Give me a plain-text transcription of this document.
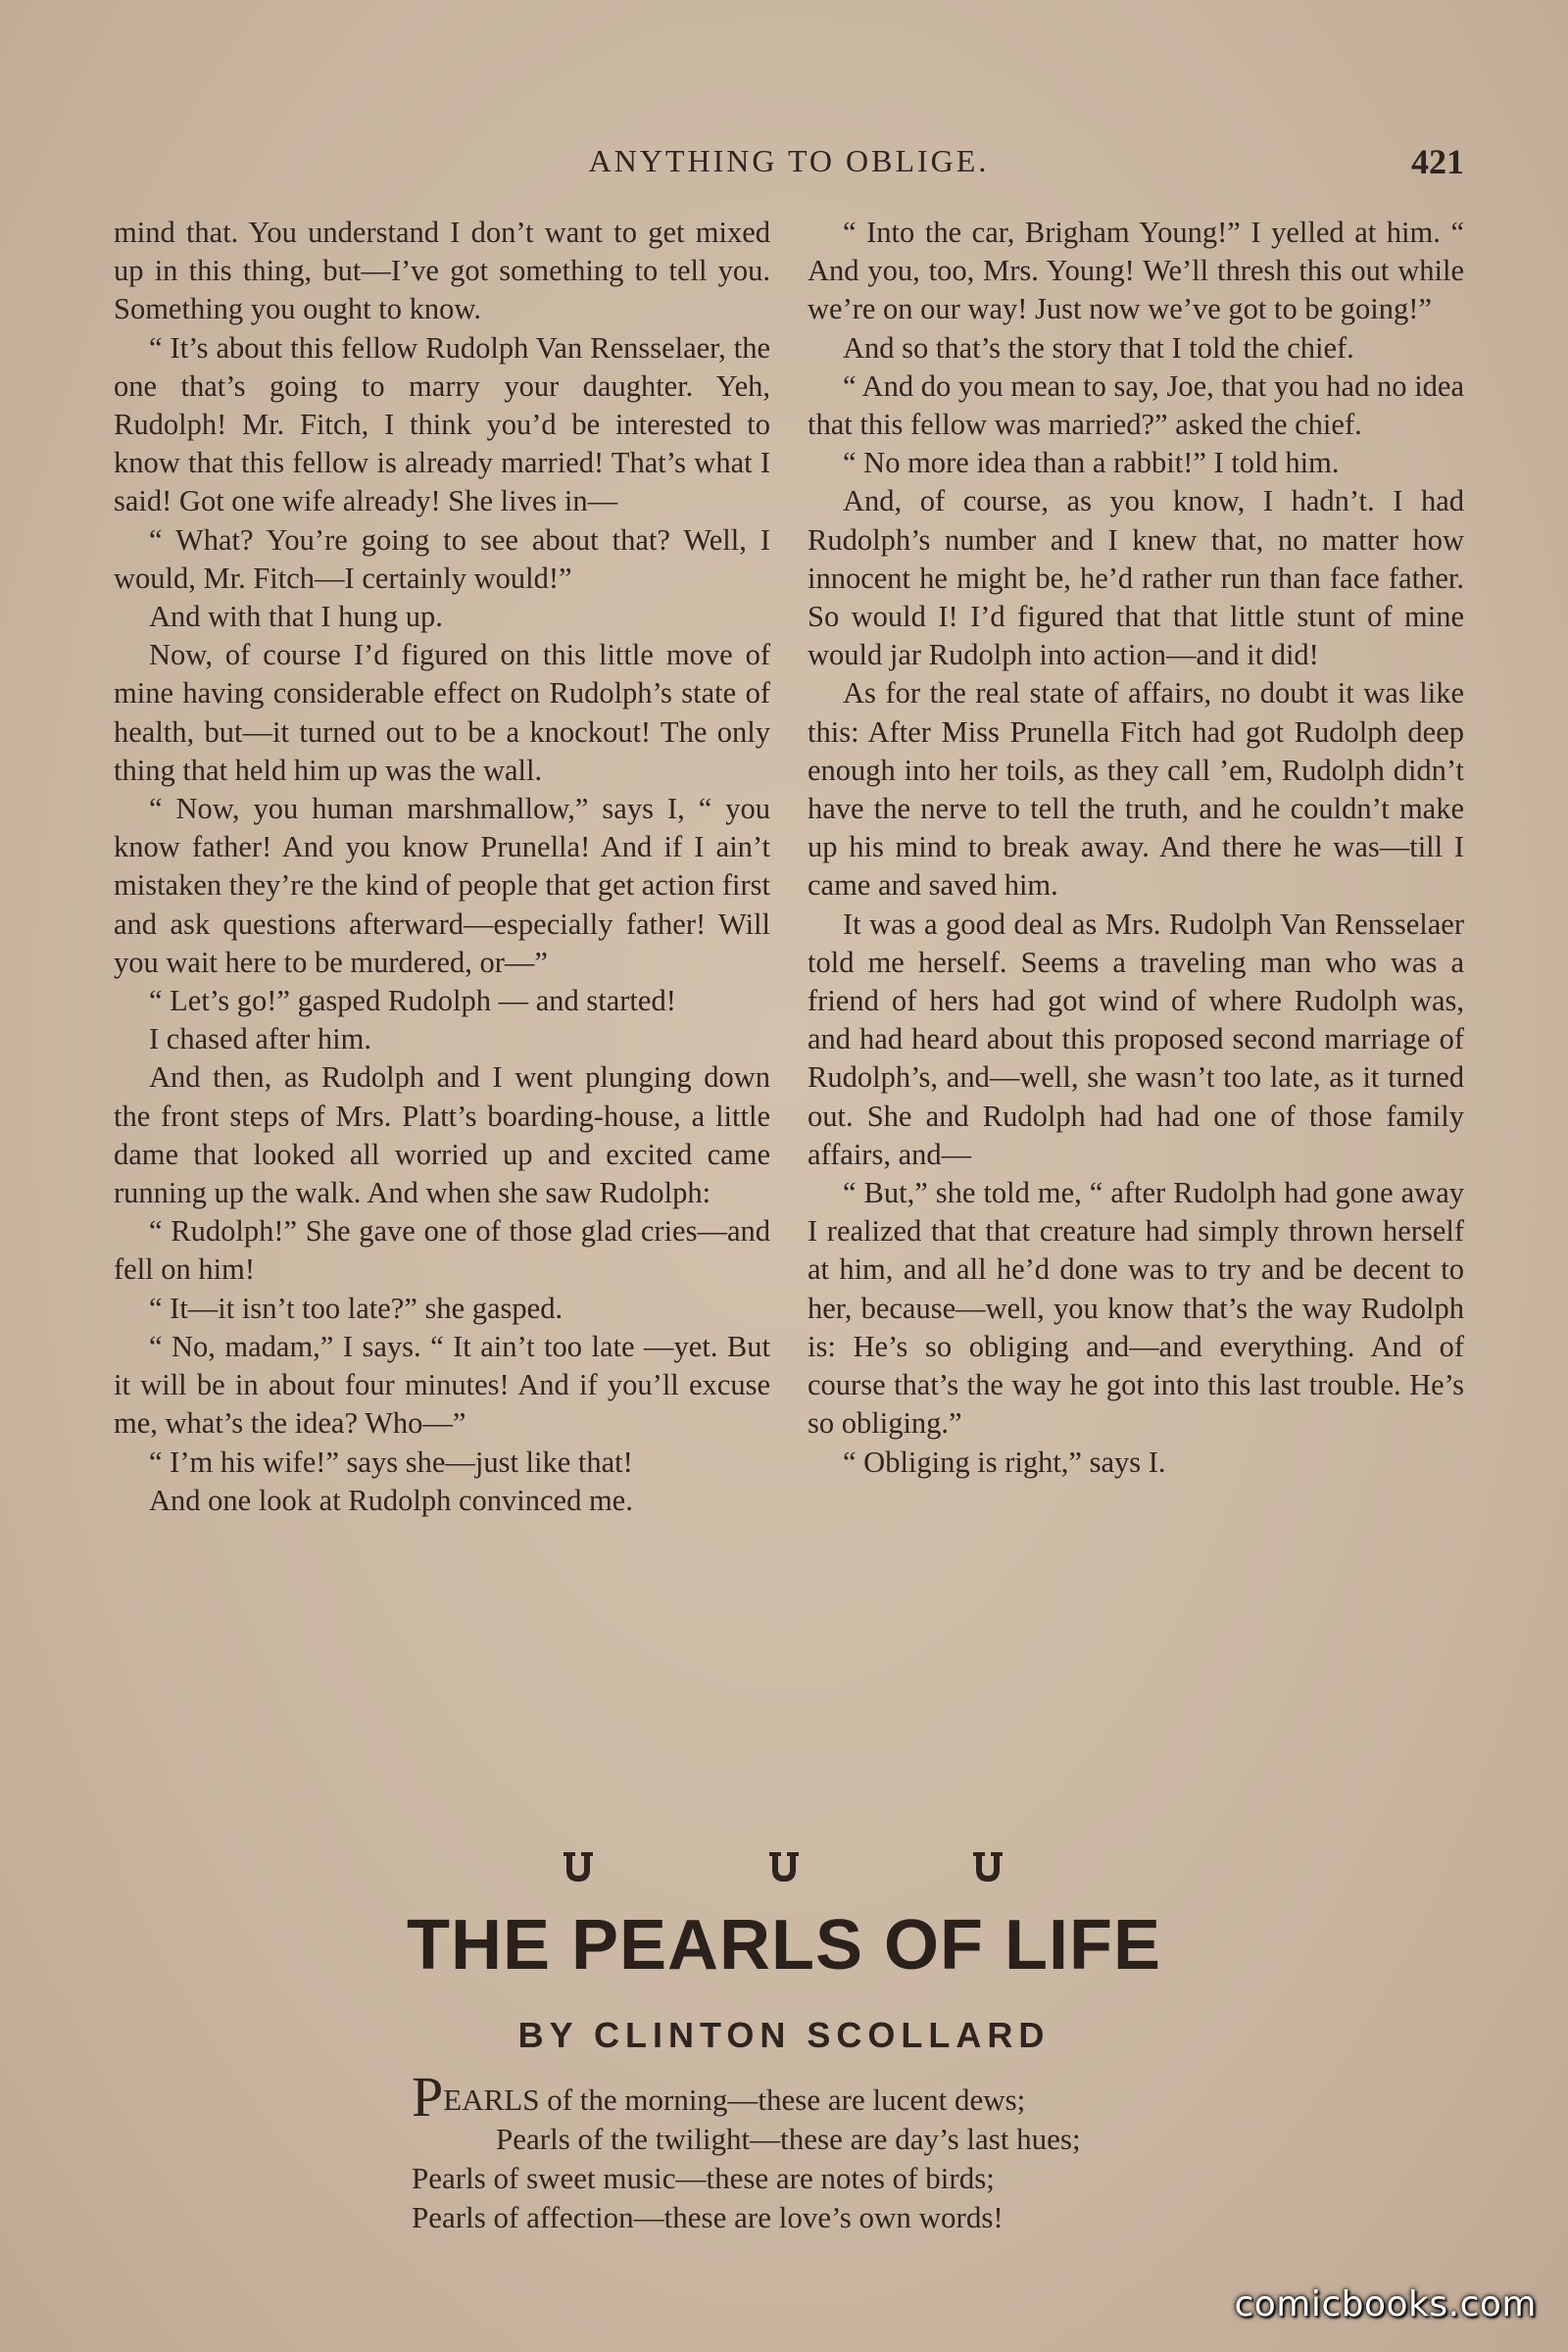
ANYTHING TO OBLIGE.	421

mind that. You understand I don’t want to get mixed up in this thing, but—I’ve got something to tell you. Something you ought to know.

“ It’s about this fellow Rudolph Van Rensselaer, the one that’s going to marry your daughter. Yeh, Rudolph! Mr. Fitch, I think you’d be interested to know that this fellow is already married! That’s what I said! Got one wife already! She lives in—

“ What? You’re going to see about that? Well, I would, Mr. Fitch—I certainly would!”

And with that I hung up.

Now, of course I’d figured on this little move of mine having considerable effect on Rudolph’s state of health, but—it turned out to be a knockout! The only thing that held him up was the wall.

“ Now, you human marshmallow,” says I, “ you know father! And you know Prunella! And if I ain’t mistaken they’re the kind of people that get action first and ask questions afterward—especially father! Will you wait here to be murdered, or—”

“ Let’s go!” gasped Rudolph — and started!

I chased after him.

And then, as Rudolph and I went plunging down the front steps of Mrs. Platt’s boarding-house, a little dame that looked all worried up and excited came running up the walk. And when she saw Rudolph:

“ Rudolph!” She gave one of those glad cries—and fell on him!

“ It—it isn’t too late?” she gasped.

“ No, madam,” I says. “ It ain’t too late —yet. But it will be in about four minutes! And if you’ll excuse me, what’s the idea? Who—”

“ I’m his wife!” says she—just like that!

And one look at Rudolph convinced me.

“ Into the car, Brigham Young!” I yelled at him. “ And you, too, Mrs. Young! We’ll thresh this out while we’re on our way! Just now we’ve got to be going!”

And so that’s the story that I told the chief.

“ And do you mean to say, Joe, that you had no idea that this fellow was married?” asked the chief.

“ No more idea than a rabbit!” I told him.

And, of course, as you know, I hadn’t. I had Rudolph’s number and I knew that, no matter how innocent he might be, he’d rather run than face father. So would I! I’d figured that that little stunt of mine would jar Rudolph into action—and it did!

As for the real state of affairs, no doubt it was like this: After Miss Prunella Fitch had got Rudolph deep enough into her toils, as they call ’em, Rudolph didn’t have the nerve to tell the truth, and he couldn’t make up his mind to break away. And there he was—till I came and saved him.

It was a good deal as Mrs. Rudolph Van Rensselaer told me herself. Seems a traveling man who was a friend of hers had got wind of where Rudolph was, and had heard about this proposed second marriage of Rudolph’s, and—well, she wasn’t too late, as it turned out. She and Rudolph had had one of those family affairs, and—

“ But,” she told me, “ after Rudolph had gone away I realized that that creature had simply thrown herself at him, and all he’d done was to try and be decent to her, because—well, you know that’s the way Rudolph is: He’s so obliging and—and everything. And of course that’s the way he got into this last trouble. He’s so obliging.”

“ Obliging is right,” says I.

THE PEARLS OF LIFE
BY CLINTON SCOLLARD
PEARLS of the morning—these are lucent dews;
Pearls of the twilight—these are day’s last hues;
Pearls of sweet music—these are notes of birds;
Pearls of affection—these are love’s own words!
comicbooks.com
